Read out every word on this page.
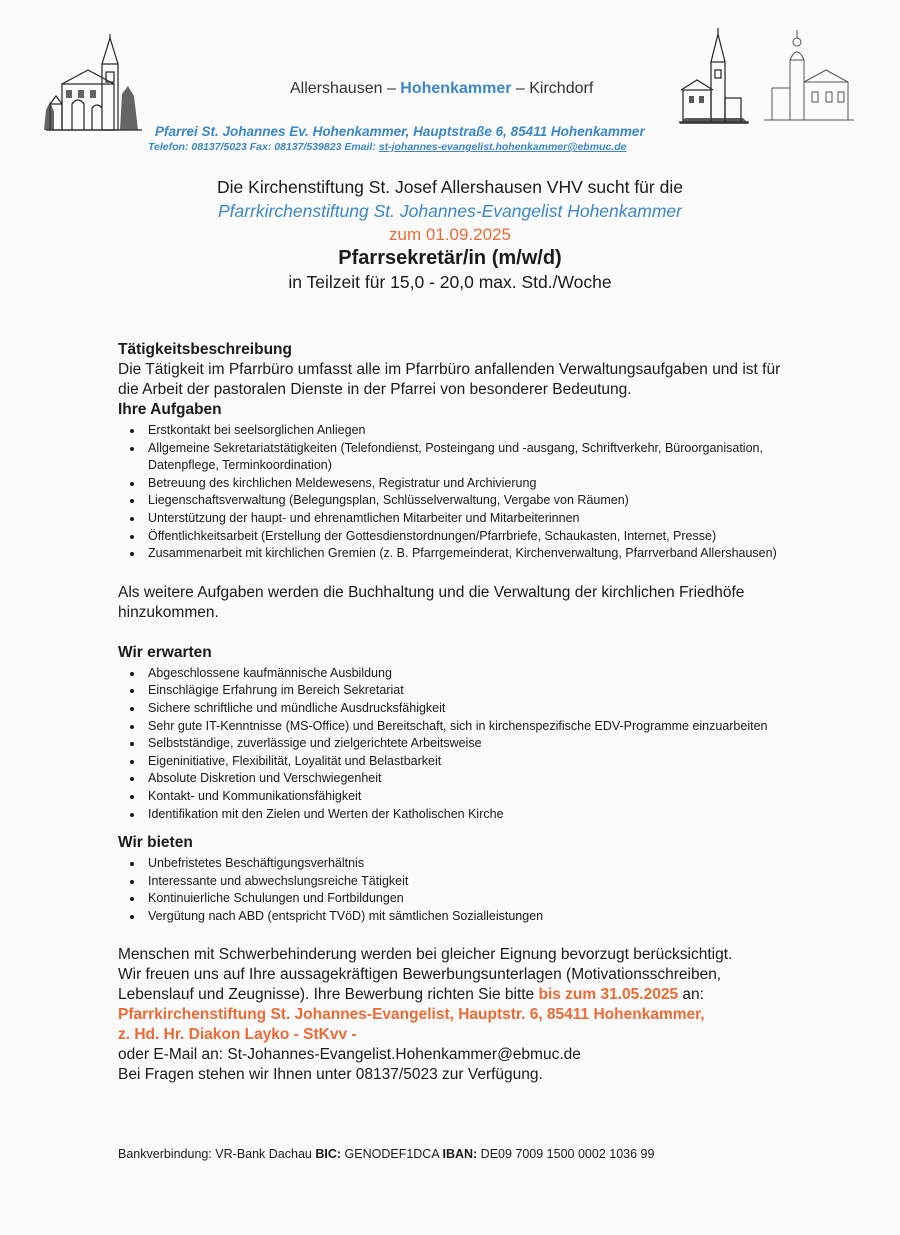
Allershausen – Hohenkammer – Kirchdorf
Pfarrei St. Johannes Ev. Hohenkammer, Hauptstraße 6, 85411 Hohenkammer
Telefon: 08137/5023 Fax: 08137/539823 Email: st-johannes-evangelist.hohenkammer@ebmuc.de
Die Kirchenstiftung St. Josef Allershausen VHV sucht für die
Pfarrkirchenstiftung St. Johannes-Evangelist Hohenkammer
zum 01.09.2025
Pfarrsekretär/in (m/w/d)
in Teilzeit für 15,0 - 20,0 max. Std./Woche
Tätigkeitsbeschreibung
Die Tätigkeit im Pfarrbüro umfasst alle im Pfarrbüro anfallenden Verwaltungsaufgaben und ist für die Arbeit der pastoralen Dienste in der Pfarrei von besonderer Bedeutung.
Ihre Aufgaben
• Erstkontakt bei seelsorglichen Anliegen
• Allgemeine Sekretariatstätigkeiten (Telefondienst, Posteingang und -ausgang, Schriftverkehr, Büroorganisation, Datenpflege, Terminkoordination)
• Betreuung des kirchlichen Meldewesens, Registratur und Archivierung
• Liegenschaftsverwaltung (Belegungsplan, Schlüsselverwaltung, Vergabe von Räumen)
• Unterstützung der haupt- und ehrenamtlichen Mitarbeiter und Mitarbeiterinnen
• Öffentlichkeitsarbeit (Erstellung der Gottesdienstordnungen/Pfarrbriefe, Schaukasten, Internet, Presse)
• Zusammenarbeit mit kirchlichen Gremien (z. B. Pfarrgemeinderat, Kirchenverwaltung, Pfarrverband Allershausen)
Als weitere Aufgaben werden die Buchhaltung und die Verwaltung der kirchlichen Friedhöfe hinzukommen.
Wir erwarten
• Abgeschlossene kaufmännische Ausbildung
• Einschlägige Erfahrung im Bereich Sekretariat
• Sichere schriftliche und mündliche Ausdrucksfähigkeit
• Sehr gute IT-Kenntnisse (MS-Office) und Bereitschaft, sich in kirchenspezifische EDV-Programme einzuarbeiten
• Selbstständige, zuverlässige und zielgerichtete Arbeitsweise
• Eigeninitiative, Flexibilität, Loyalität und Belastbarkeit
• Absolute Diskretion und Verschwiegenheit
• Kontakt- und Kommunikationsfähigkeit
• Identifikation mit den Zielen und Werten der Katholischen Kirche
Wir bieten
• Unbefristetes Beschäftigungsverhältnis
• Interessante und abwechslungsreiche Tätigkeit
• Kontinuierliche Schulungen und Fortbildungen
• Vergütung nach ABD (entspricht TVöD) mit sämtlichen Sozialleistungen
Menschen mit Schwerbehinderung werden bei gleicher Eignung bevorzugt berücksichtigt.
Wir freuen uns auf Ihre aussagekräftigen Bewerbungsunterlagen (Motivationsschreiben, Lebenslauf und Zeugnisse). Ihre Bewerbung richten Sie bitte bis zum 31.05.2025 an:
Pfarrkirchenstiftung St. Johannes-Evangelist, Hauptstr. 6, 85411 Hohenkammer,
z. Hd. Hr. Diakon Layko - StKvv -
oder E-Mail an: St-Johannes-Evangelist.Hohenkammer@ebmuc.de
Bei Fragen stehen wir Ihnen unter 08137/5023 zur Verfügung.
Bankverbindung: VR-Bank Dachau BIC: GENODEF1DCA IBAN: DE09 7009 1500 0002 1036 99
